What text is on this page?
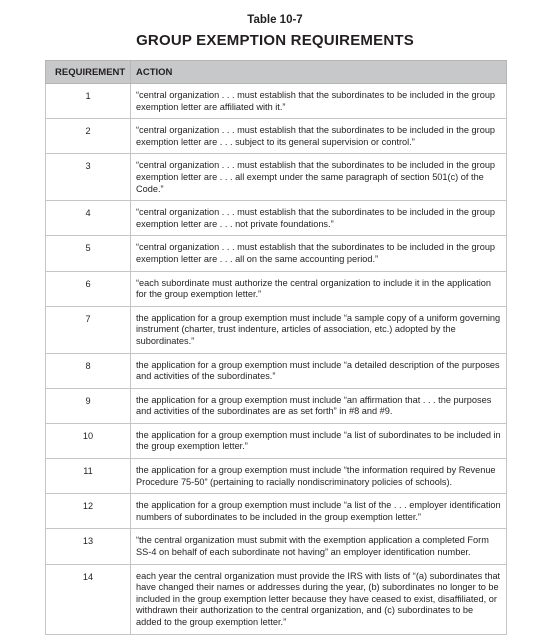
Table 10-7
GROUP EXEMPTION REQUIREMENTS
REQUIREMENT	ACTION
1	“central organization . . . must establish that the subordinates to be included in the group exemption letter are affiliated with it.”
2	“central organization . . . must establish that the subordinates to be included in the group exemption letter are . . . subject to its general supervision or control.”
3	“central organization . . . must establish that the subordinates to be included in the group exemption letter are . . . all exempt under the same paragraph of section 501(c) of the Code.”
4	“central organization . . . must establish that the subordinates to be included in the group exemption letter are . . . not private foundations.”
5	“central organization . . . must establish that the subordinates to be included in the group exemption letter are . . . all on the same accounting period.”
6	“each subordinate must authorize the central organization to include it in the application for the group exemption letter.”
7	the application for a group exemption must include “a sample copy of a uniform governing instrument (charter, trust indenture, articles of association, etc.) adopted by the subordinates.”
8	the application for a group exemption must include “a detailed description of the purposes and activities of the subordinates.”
9	the application for a group exemption must include “an affirmation that . . . the purposes and activities of the subordinates are as set forth” in #8 and #9.
10	the application for a group exemption must include “a list of subordinates to be included in the group exemption letter.”
11	the application for a group exemption must include “the information required by Revenue Procedure 75-50” (pertaining to racially nondiscriminatory policies of schools).
12	the application for a group exemption must include “a list of the . . . employer identification numbers of subordinates to be included in the group exemption letter.”
13	“the central organization must submit with the exemption application a completed Form SS-4 on behalf of each subordinate not having” an employer identification number.
14	each year the central organization must provide the IRS with lists of “(a) subordinates that have changed their names or addresses during the year, (b) subordinates no longer to be included in the group exemption letter because they have ceased to exist, disaffiliated, or withdrawn their authorization to the central organization, and (c) subordinates to be added to the group exemption letter.”
